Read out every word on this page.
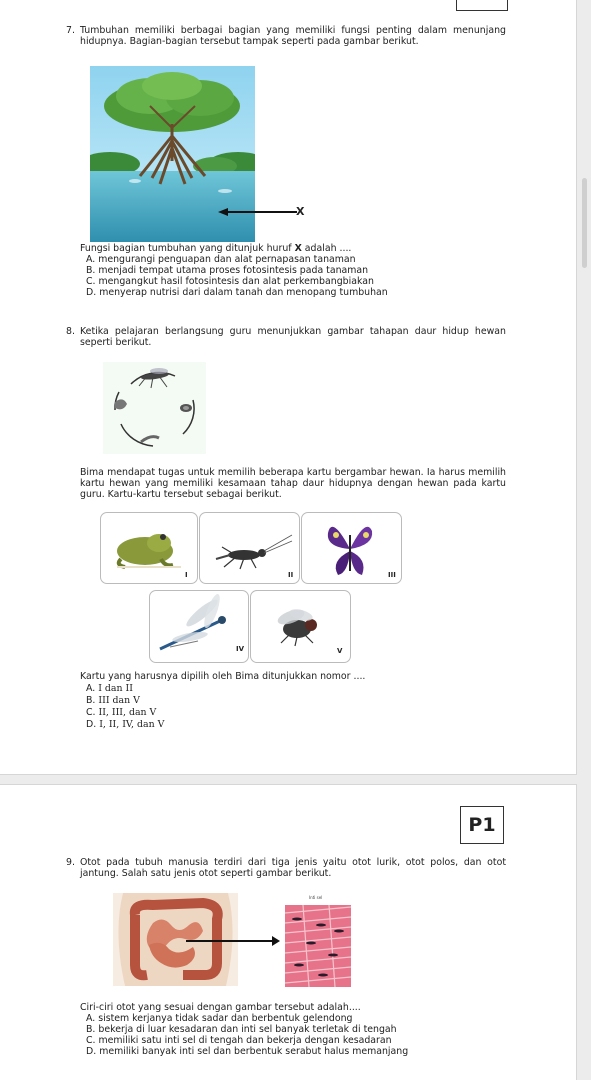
7. Tumbuhan memiliki berbagai bagian yang memiliki fungsi penting dalam menunjang hidupnya. Bagian-bagian tersebut tampak seperti pada gambar berikut.
X
Fungsi bagian tumbuhan yang ditunjuk huruf X adalah ....
A. mengurangi penguapan dan alat pernapasan tanaman
B. menjadi tempat utama proses fotosintesis pada tanaman
C. mengangkut hasil fotosintesis dan alat perkembangbiakan
D. menyerap nutrisi dari dalam tanah dan menopang tumbuhan
8. Ketika pelajaran berlangsung guru menunjukkan gambar tahapan daur hidup hewan seperti berikut.
Bima mendapat tugas untuk memilih beberapa kartu bergambar hewan. Ia harus memilih kartu hewan yang memiliki kesamaan tahap daur hidupnya dengan hewan pada kartu guru. Kartu-kartu tersebut sebagai berikut.
I	II	III
IV	V
Kartu yang harusnya dipilih oleh Bima ditunjukkan nomor ....
A. I dan II
B. III dan V
C. II, III, dan V
D. I, II, IV, dan V
P1
9. Otot pada tubuh manusia terdiri dari tiga jenis yaitu otot lurik, otot polos, dan otot jantung. Salah satu jenis otot seperti gambar berikut.
Inti sel
Ciri-ciri otot yang sesuai dengan gambar tersebut adalah....
A. sistem kerjanya tidak sadar dan berbentuk gelendong
B. bekerja di luar kesadaran dan inti sel banyak terletak di tengah
C. memiliki satu inti sel di tengah dan bekerja dengan kesadaran
D. memiliki banyak inti sel dan berbentuk serabut halus memanjang
